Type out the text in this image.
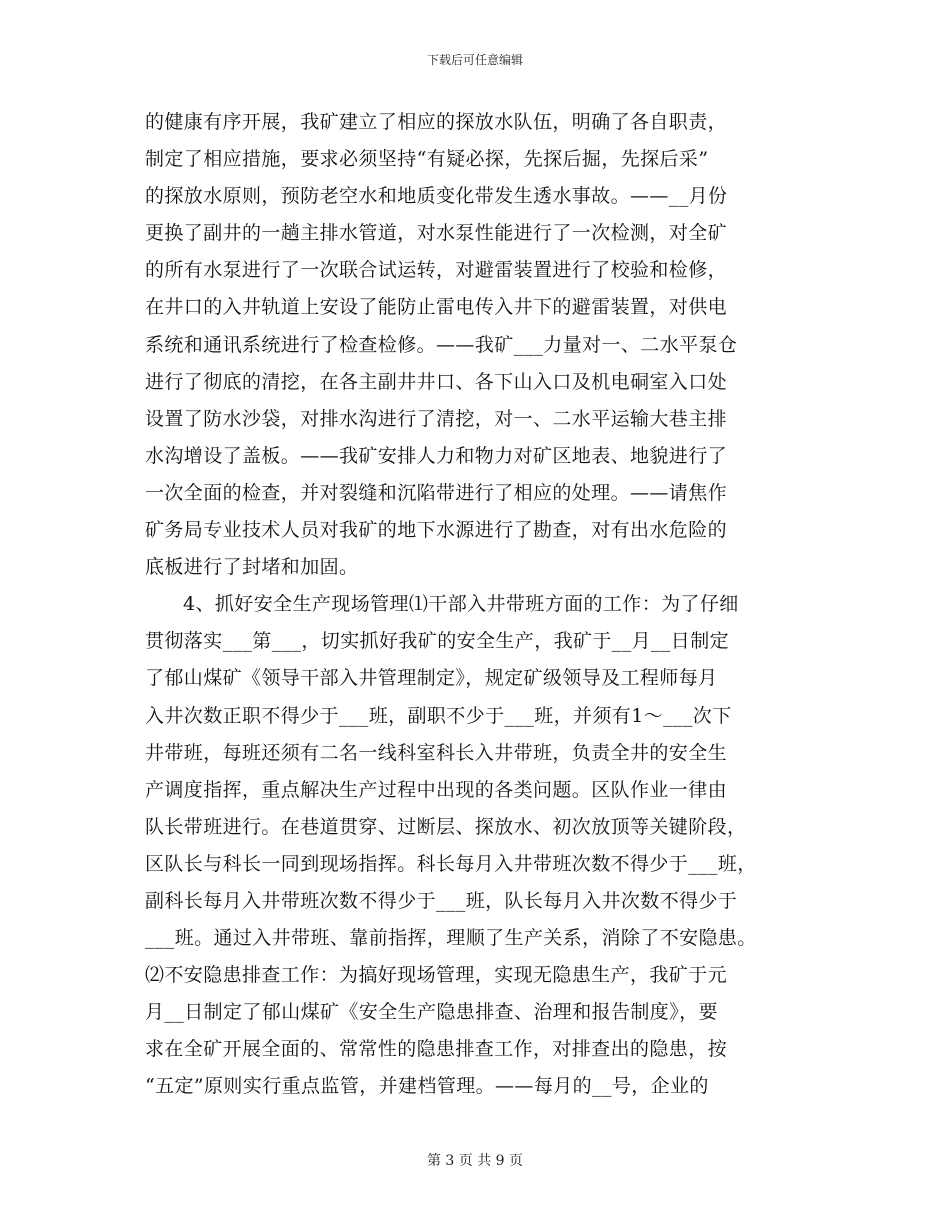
下载后可任意编辑
的健康有序开展，我矿建立了相应的探放水队伍，明确了各自职责，
制定了相应措施，要求必须坚持“有疑必探，先探后掘，先探后采”
的探放水原则，预防老空水和地质变化带发生透水事故。——__月份
更换了副井的一趟主排水管道，对水泵性能进行了一次检测，对全矿
的所有水泵进行了一次联合试运转，对避雷装置进行了校验和检修，
在井口的入井轨道上安设了能防止雷电传入井下的避雷装置，对供电
系统和通讯系统进行了检查检修。——我矿___力量对一、二水平泵仓
进行了彻底的清挖，在各主副井井口、各下山入口及机电硐室入口处
设置了防水沙袋，对排水沟进行了清挖，对一、二水平运输大巷主排
水沟增设了盖板。——我矿安排人力和物力对矿区地表、地貌进行了
一次全面的检查，并对裂缝和沉陷带进行了相应的处理。——请焦作
矿务局专业技术人员对我矿的地下水源进行了勘查，对有出水危险的
底板进行了封堵和加固。
4、抓好安全生产现场管理⑴干部入井带班方面的工作：为了仔细
贯彻落实___第___，切实抓好我矿的安全生产，我矿于__月__日制定
了郁山煤矿《领导干部入井管理制定》，规定矿级领导及工程师每月
入井次数正职不得少于___班，副职不少于___班，并须有1～___次下
井带班，每班还须有二名一线科室科长入井带班，负责全井的安全生
产调度指挥，重点解决生产过程中出现的各类问题。区队作业一律由
队长带班进行。在巷道贯穿、过断层、探放水、初次放顶等关键阶段，
区队长与科长一同到现场指挥。科长每月入井带班次数不得少于___班，
副科长每月入井带班次数不得少于___班，队长每月入井次数不得少于
___班。通过入井带班、靠前指挥，理顺了生产关系，消除了不安隐患。
⑵不安隐患排查工作：为搞好现场管理，实现无隐患生产，我矿于元
月__日制定了郁山煤矿《安全生产隐患排查、治理和报告制度》，要
求在全矿开展全面的、常常性的隐患排查工作，对排查出的隐患，按
“五定”原则实行重点监管，并建档管理。——每月的__号，企业的
第 3 页 共 9 页
